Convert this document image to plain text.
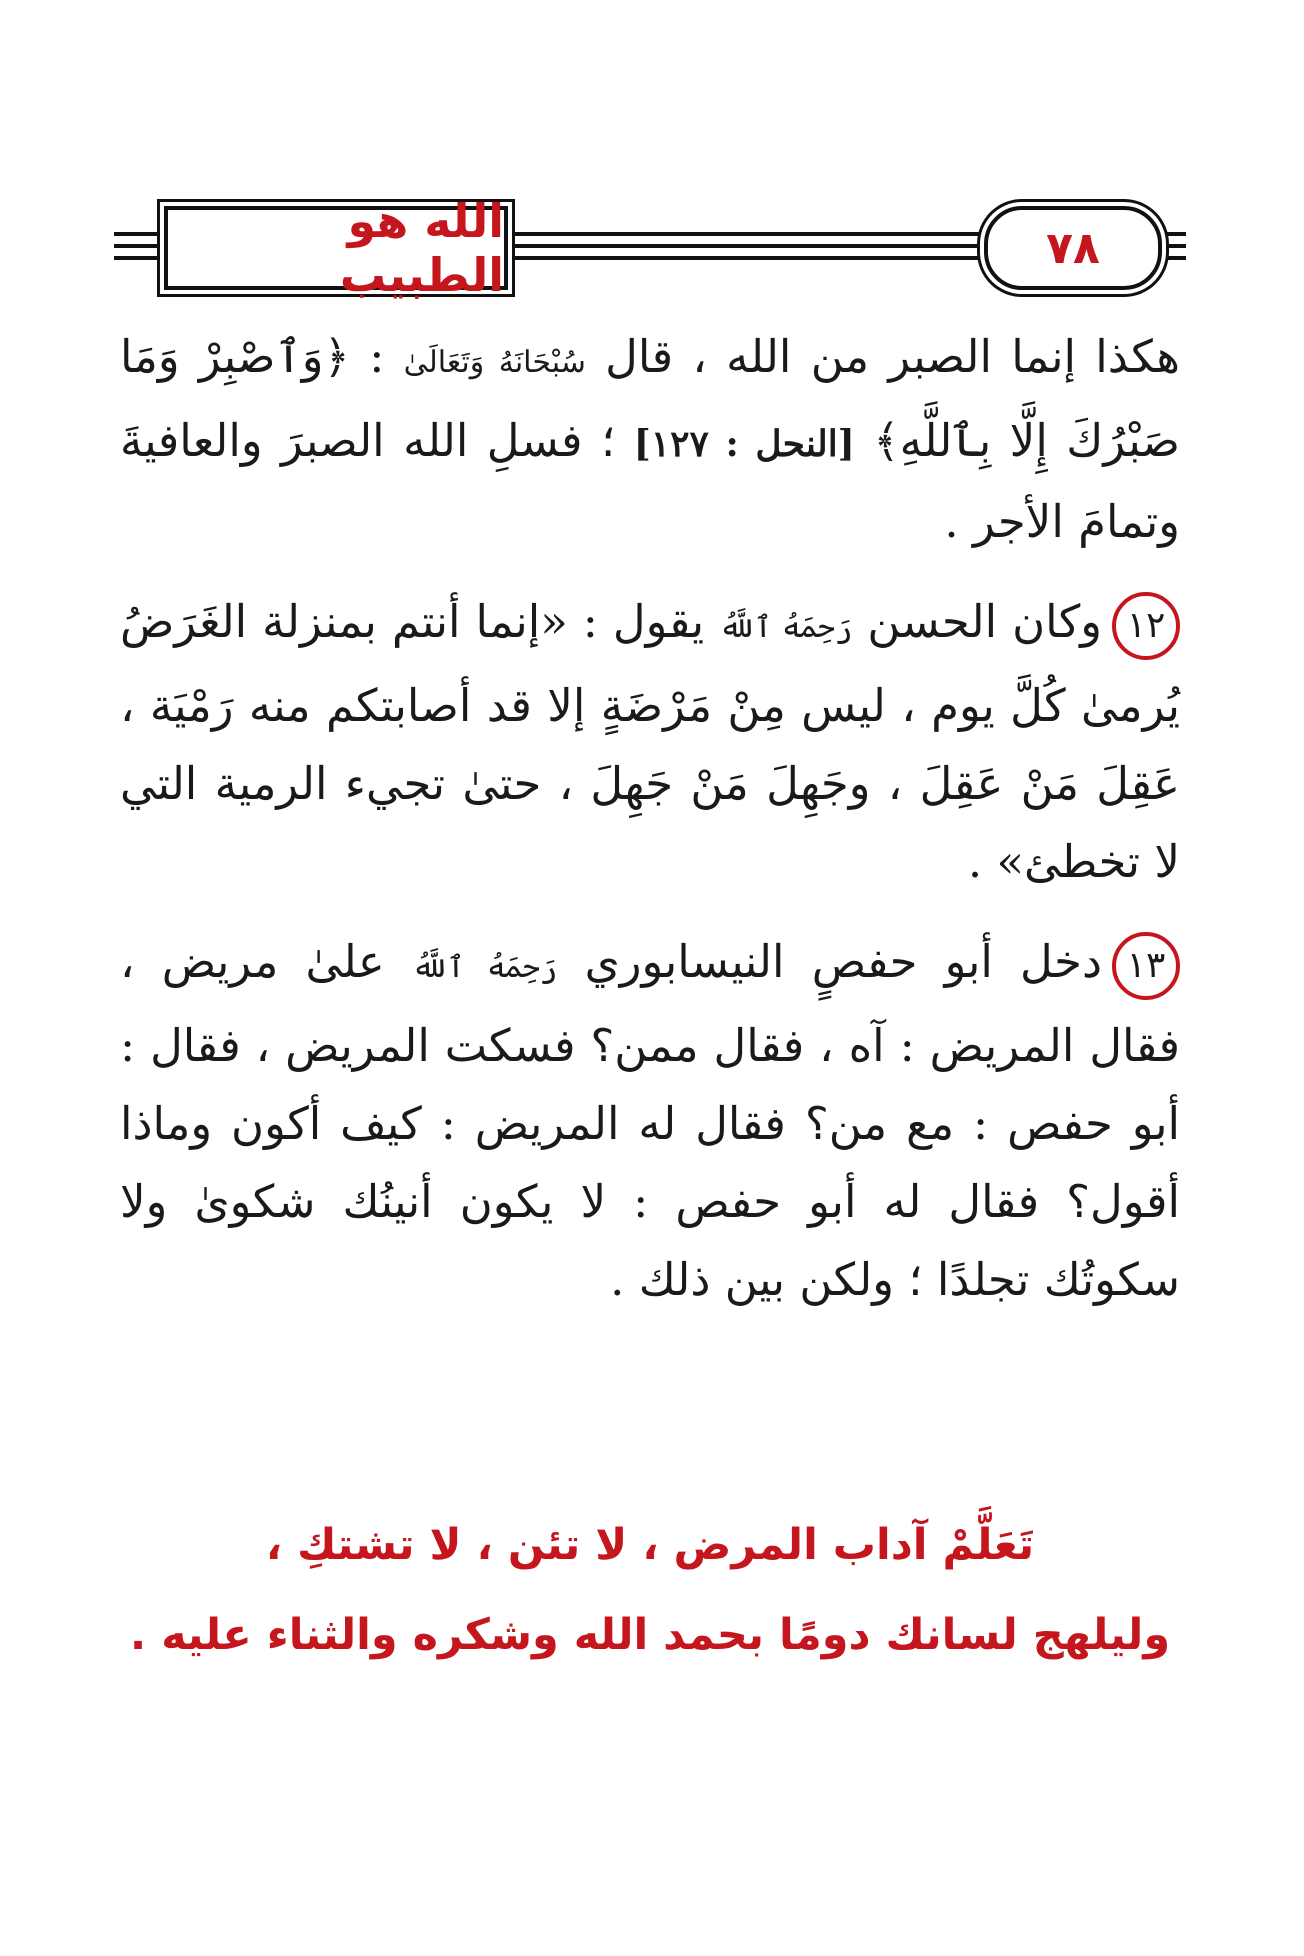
الله هو الطبيب	٧٨

هكذا إنما الصبر من الله ، قال سُبْحَانَهُ وَتَعَالَىٰ : ﴿وَٱصْبِرْ وَمَا صَبْرُكَ إِلَّا بِٱللَّهِ﴾ [النحل : ١٢٧] ؛ فسلِ الله الصبرَ والعافيةَ وتمامَ الأجر .

١٢وكان الحسن رَحِمَهُ ٱللَّهُ يقول : «إنما أنتم بمنزلة الغَرَضُ يُرمىٰ كُلَّ يوم ، ليس مِنْ مَرْضَةٍ إلا قد أصابتكم منه رَمْيَة ، عَقِلَ مَنْ عَقِلَ ، وجَهِلَ مَنْ جَهِلَ ، حتىٰ تجيء الرمية التي لا تخطئ» .

١٣دخل أبو حفصٍ النيسابوري رَحِمَهُ ٱللَّهُ علىٰ مريض ، فقال المريض : آه ، فقال ممن؟ فسكت المريض ، فقال : أبو حفص : مع من؟ فقال له المريض : كيف أكون وماذا أقول؟ فقال له أبو حفص : لا يكون أنينُك شكوىٰ ولا سكوتُك تجلدًا ؛ ولكن بين ذلك .

تَعَلَّمْ آداب المرض ، لا تئن ، لا تشتكِ ،
وليلهج لسانك دومًا بحمد الله وشكره والثناء عليه .
